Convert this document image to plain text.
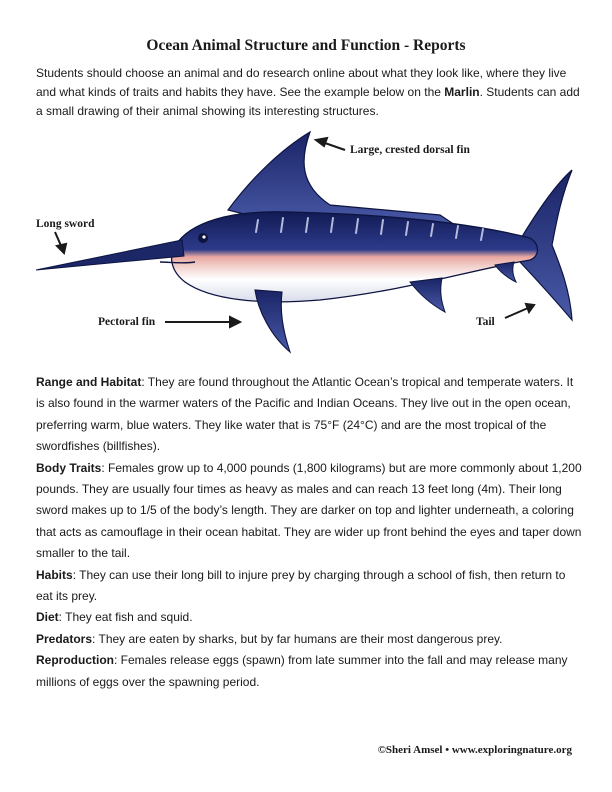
Ocean Animal Structure and Function - Reports
Students should choose an animal and do research online about what they look like, where they live and what kinds of traits and habits they have. See the example below on the Marlin. Students can add a small drawing of their animal showing its interesting structures.
Large, crested dorsal fin
Long sword
Pectoral fin	Tail

Range and Habitat: They are found throughout the Atlantic Ocean’s tropical and temperate waters. It is also found in the warmer waters of the Pacific and Indian Oceans. They live out in the open ocean, preferring warm, blue waters. They like water that is 75°F (24°C) and are the most tropical of the swordfishes (billfishes).

Body Traits: Females grow up to 4,000 pounds (1,800 kilograms) but are more commonly about 1,200 pounds. They are usually four times as heavy as males and can reach 13 feet long (4m). Their long sword makes up to 1/5 of the body’s length. They are darker on top and lighter underneath, a coloring that acts as camouflage in their ocean habitat. They are wider up front behind the eyes and taper down smaller to the tail.

Habits: They can use their long bill to injure prey by charging through a school of fish, then return to eat its prey.

Diet: They eat fish and squid.

Predators: They are eaten by sharks, but by far humans are their most dangerous prey.

Reproduction: Females release eggs (spawn) from late summer into the fall and may release many millions of eggs over the spawning period.

©Sheri Amsel • www.exploringnature.org
